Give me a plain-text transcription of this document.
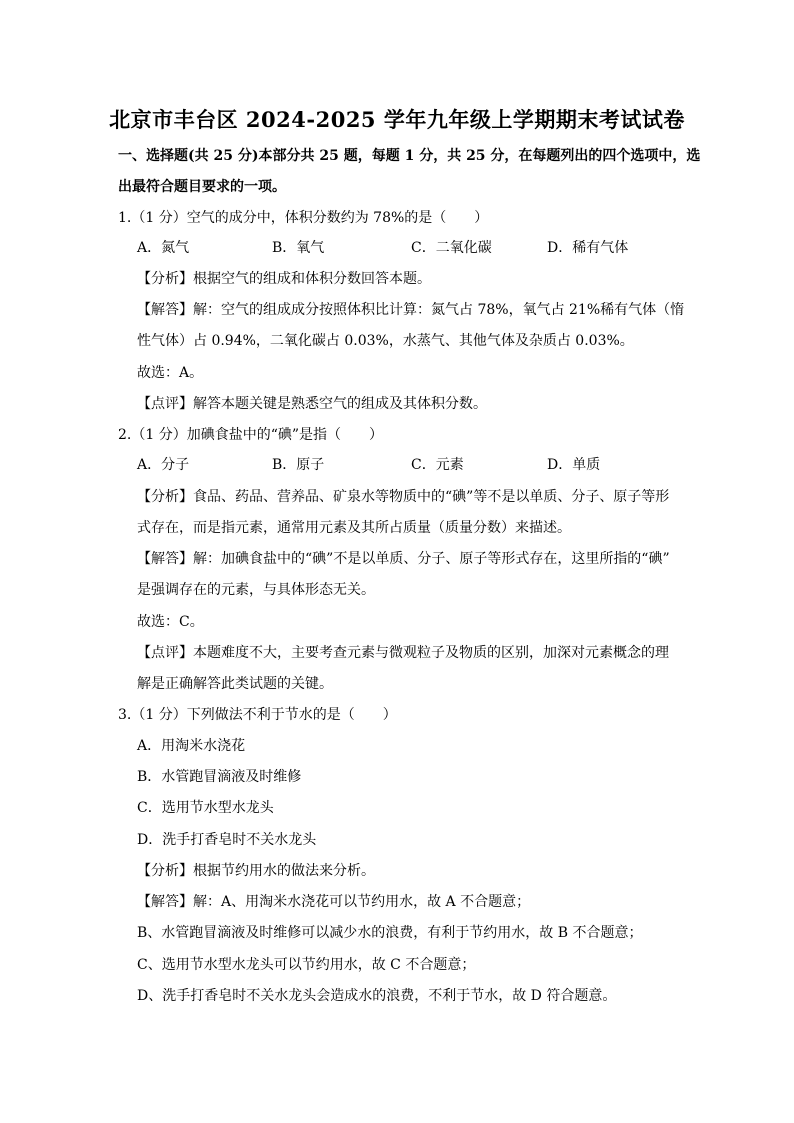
北京市丰台区 2024-2025 学年九年级上学期期末考试试卷
一、选择题(共 25 分)本部分共 25 题，每题 1 分，共 25 分，在每题列出的四个选项中，选
出最符合题目要求的一项。
1.（1 分）空气的成分中，体积分数约为 78%的是（　　）
A．氮气	B．氧气	C．二氧化碳	D．稀有气体
【分析】根据空气的组成和体积分数回答本题。
【解答】解：空气的组成成分按照体积比计算：氮气占 78%，氧气占 21%稀有气体（惰
性气体）占 0.94%，二氧化碳占 0.03%，水蒸气、其他气体及杂质占 0.03%。
故选：A。
【点评】解答本题关键是熟悉空气的组成及其体积分数。
2.（1 分）加碘食盐中的“碘”是指（　　）
A．分子	B．原子	C．元素	D．单质
【分析】食品、药品、营养品、矿泉水等物质中的“碘”等不是以单质、分子、原子等形
式存在，而是指元素，通常用元素及其所占质量（质量分数）来描述。
【解答】解：加碘食盐中的“碘”不是以单质、分子、原子等形式存在，这里所指的“碘”
是强调存在的元素，与具体形态无关。
故选：C。
【点评】本题难度不大，主要考查元素与微观粒子及物质的区别，加深对元素概念的理
解是正确解答此类试题的关键。
3.（1 分）下列做法不利于节水的是（　　）
A．用淘米水浇花
B．水管跑冒滴液及时维修
C．选用节水型水龙头
D．洗手打香皂时不关水龙头
【分析】根据节约用水的做法来分析。
【解答】解：A、用淘米水浇花可以节约用水，故 A 不合题意；
B、水管跑冒滴液及时维修可以减少水的浪费，有利于节约用水，故 B 不合题意；
C、选用节水型水龙头可以节约用水，故 C 不合题意；
D、洗手打香皂时不关水龙头会造成水的浪费，不利于节水，故 D 符合题意。
